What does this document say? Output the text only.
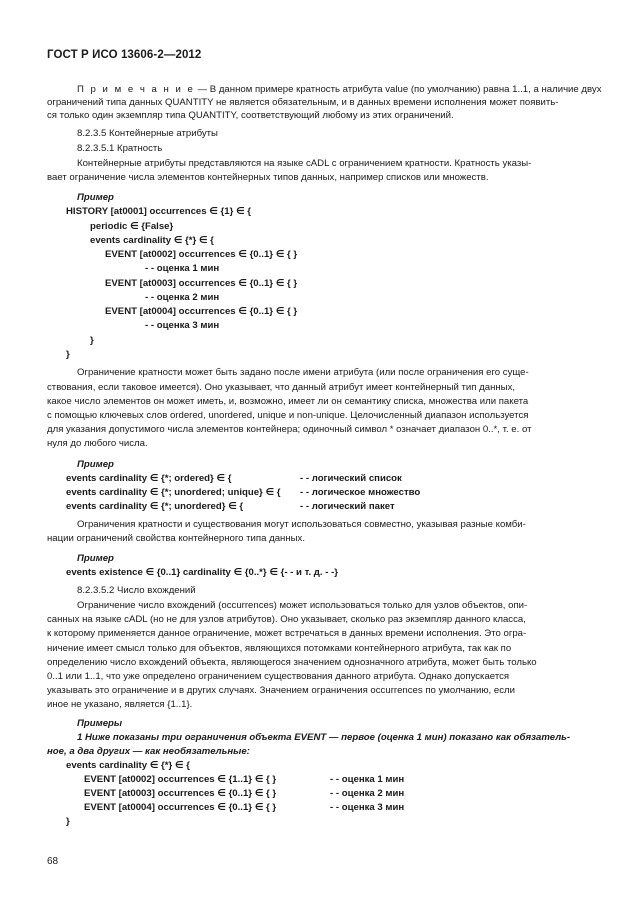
ГОСТ Р ИСО 13606-2—2012
П р и м е ч а н и е — В данном примере кратность атрибута value (по умолчанию) равна 1..1, а наличие двух
ограничений типа данных QUANTITY не является обязательным, и в данных времени исполнения может появить-
ся только один экземпляр типа QUANTITY, соответствующий любому из этих ограничений.
8.2.3.5 Контейнерные атрибуты
8.2.3.5.1 Кратность
Контейнерные атрибуты представляются на языке cADL с ограничением кратности. Кратность указы-
вает ограничение числа элементов контейнерных типов данных, например списков или множеств.
Пример
HISTORY [at0001] occurrences ∈ {1} ∈ {
periodic ∈ {False}
events cardinality ∈ {*} ∈ {
EVENT [at0002] occurrences ∈ {0..1} ∈ { }
- - оценка 1 мин
EVENT [at0003] occurrences ∈ {0..1} ∈ { }
- - оценка 2 мин
EVENT [at0004] occurrences ∈ {0..1} ∈ { }
- - оценка 3 мин
}
}
Ограничение кратности может быть задано после имени атрибута (или после ограничения его суще-
ствования, если таковое имеется). Оно указывает, что данный атрибут имеет контейнерный тип данных,
какое число элементов он может иметь, и, возможно, имеет ли он семантику списка, множества или пакета
с помощью ключевых слов ordered, unordered, unique и non-unique. Целочисленный диапазон используется
для указания допустимого числа элементов контейнера; одиночный символ * означает диапазон 0..*, т. е. от
нуля до любого числа.
Пример
events cardinality ∈ {*; ordered} ∈ {	- - логический список
events cardinality ∈ {*; unordered; unique} ∈ { - - логическое множество
events cardinality ∈ {*; unordered} ∈ {	- - логический пакет
Ограничения кратности и существования могут использоваться совместно, указывая разные комби-
нации ограничений свойства контейнерного типа данных.
Пример
events existence ∈ {0..1} cardinality ∈ {0..*} ∈ {- - и т. д. - -}
8.2.3.5.2 Число вхождений
Ограничение число вхождений (occurrences) может использоваться только для узлов объектов, опи-
санных на языке cADL (но не для узлов атрибутов). Оно указывает, сколько раз экземпляр данного класса,
к которому применяется данное ограничение, может встречаться в данных времени исполнения. Это огра-
ничение имеет смысл только для объектов, являющихся потомками контейнерного атрибута, так как по
определению число вхождений объекта, являющегося значением однозначного атрибута, может быть только
0..1 или 1..1, что уже определено ограничением существования данного атрибута. Однако допускается
указывать это ограничение и в других случаях. Значением ограничения occurrences по умолчанию, если
иное не указано, является {1..1}.
Примеры
1 Ниже показаны три ограничения объекта EVENT — первое (оценка 1 мин) показано как обязатель-
ное, а два других — как необязательные:
events cardinality ∈ {*} ∈ {
EVENT [at0002] occurrences ∈ {1..1} ∈ { }	- - оценка 1 мин
EVENT [at0003] occurrences ∈ {0..1} ∈ { }	- - оценка 2 мин
EVENT [at0004] occurrences ∈ {0..1} ∈ { }	- - оценка 3 мин
}
68
